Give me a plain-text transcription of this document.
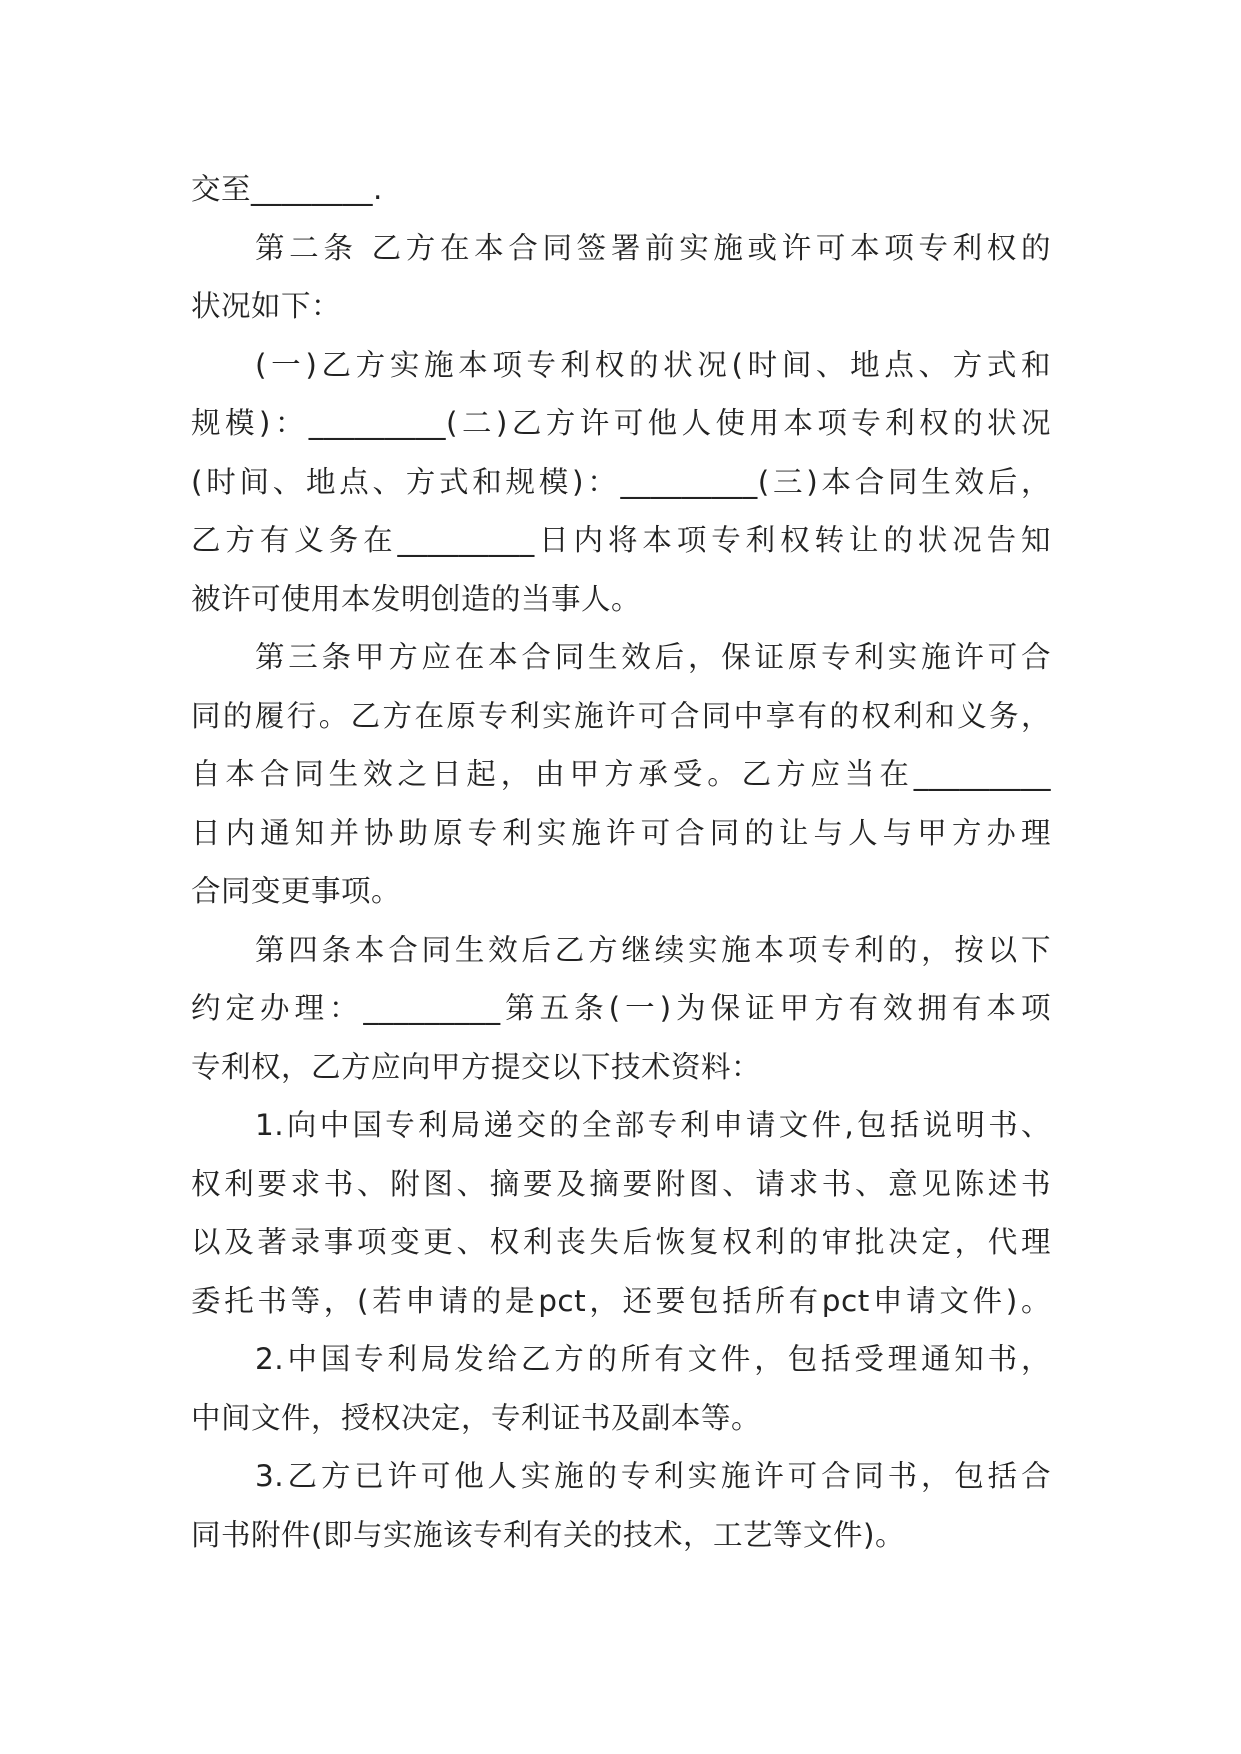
交至________.
第二条 乙方在本合同签署前实施或许可本项专利权的
状况如下：
(一)乙方实施本项专利权的状况(时间、地点、方式和
规模)：_________(二)乙方许可他人使用本项专利权的状况
(时间、地点、方式和规模)：_________(三)本合同生效后，
乙方有义务在_________日内将本项专利权转让的状况告知
被许可使用本发明创造的当事人。
第三条甲方应在本合同生效后，保证原专利实施许可合
同的履行。乙方在原专利实施许可合同中享有的权利和义务，
自本合同生效之日起，由甲方承受。乙方应当在_________
日内通知并协助原专利实施许可合同的让与人与甲方办理
合同变更事项。
第四条本合同生效后乙方继续实施本项专利的，按以下
约定办理：_________第五条(一)为保证甲方有效拥有本项
专利权，乙方应向甲方提交以下技术资料：
1.向中国专利局递交的全部专利申请文件,包括说明书、
权利要求书、附图、摘要及摘要附图、请求书、意见陈述书
以及著录事项变更、权利丧失后恢复权利的审批决定，代理
委托书等，(若申请的是pct，还要包括所有pct申请文件)。
2.中国专利局发给乙方的所有文件，包括受理通知书，
中间文件，授权决定，专利证书及副本等。
3.乙方已许可他人实施的专利实施许可合同书，包括合
同书附件(即与实施该专利有关的技术，工艺等文件)。
